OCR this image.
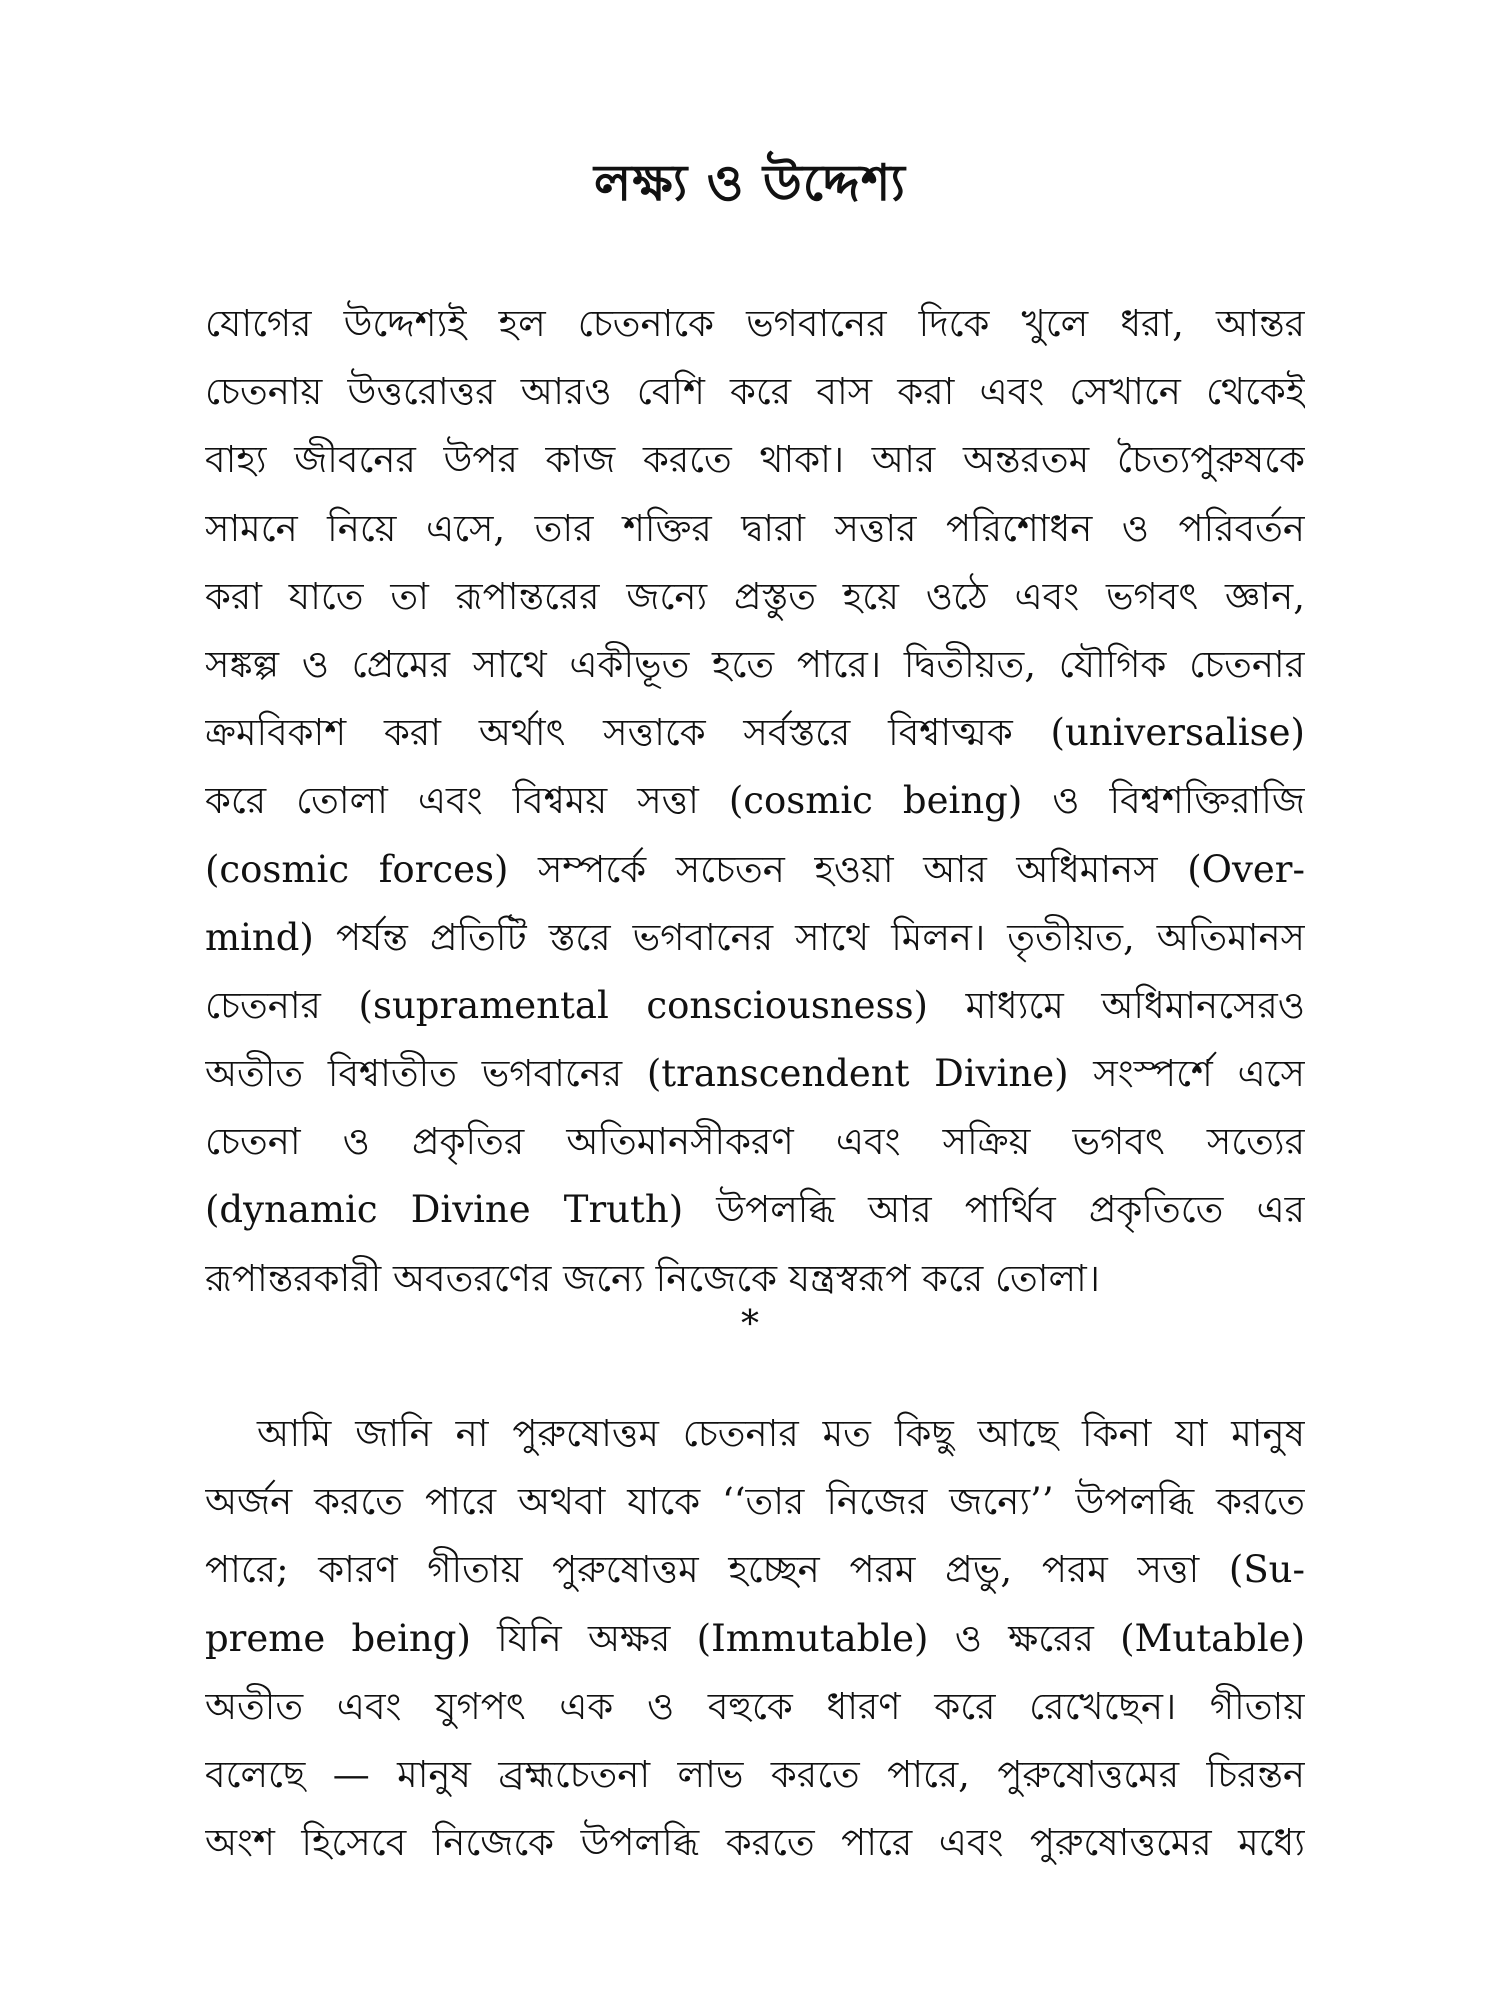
লক্ষ্য ও উদ্দেশ্য
যোগের উদ্দেশ্যই হল চেতনাকে ভগবানের দিকে খুলে ধরা, আন্তর
চেতনায় উত্তরোত্তর আরও বেশি করে বাস করা এবং সেখানে থেকেই
বাহ্য জীবনের উপর কাজ করতে থাকা। আর অন্তরতম চৈত্যপুরুষকে
সামনে নিয়ে এসে, তার শক্তির দ্বারা সত্তার পরিশোধন ও পরিবর্তন
করা যাতে তা রূপান্তরের জন্যে প্রস্তুত হয়ে ওঠে এবং ভগবৎ জ্ঞান,
সঙ্কল্প ও প্রেমের সাথে একীভূত হতে পারে। দ্বিতীয়ত, যৌগিক চেতনার
ক্রমবিকাশ করা অর্থাৎ সত্তাকে সর্বস্তরে বিশ্বাত্মক (universalise)
করে তোলা এবং বিশ্বময় সত্তা (cosmic being) ও বিশ্বশক্তিরাজি
(cosmic forces) সম্পর্কে সচেতন হওয়া আর অধিমানস (Over-
mind) পর্যন্ত প্রতিটি স্তরে ভগবানের সাথে মিলন। তৃতীয়ত, অতিমানস
চেতনার (supramental consciousness) মাধ্যমে অধিমানসেরও
অতীত বিশ্বাতীত ভগবানের (transcendent Divine) সংস্পর্শে এসে
চেতনা ও প্রকৃতির অতিমানসীকরণ এবং সক্রিয় ভগবৎ সত্যের
(dynamic Divine Truth) উপলব্ধি আর পার্থিব প্রকৃতিতে এর
রূপান্তরকারী অবতরণের জন্যে নিজেকে যন্ত্রস্বরূপ করে তোলা।

*

আমি জানি না পুরুষোত্তম চেতনার মত কিছু আছে কিনা যা মানুষ
অর্জন করতে পারে অথবা যাকে ‘‘তার নিজের জন্যে’’ উপলব্ধি করতে
পারে; কারণ গীতায় পুরুষোত্তম হচ্ছেন পরম প্রভু, পরম সত্তা (Su-
preme being) যিনি অক্ষর (Immutable) ও ক্ষরের (Mutable)
অতীত এবং যুগপৎ এক ও বহুকে ধারণ করে রেখেছেন। গীতায়
বলেছে — মানুষ ব্রহ্মচেতনা লাভ করতে পারে, পুরুষোত্তমের চিরন্তন
অংশ হিসেবে নিজেকে উপলব্ধি করতে পারে এবং পুরুষোত্তমের মধ্যে
